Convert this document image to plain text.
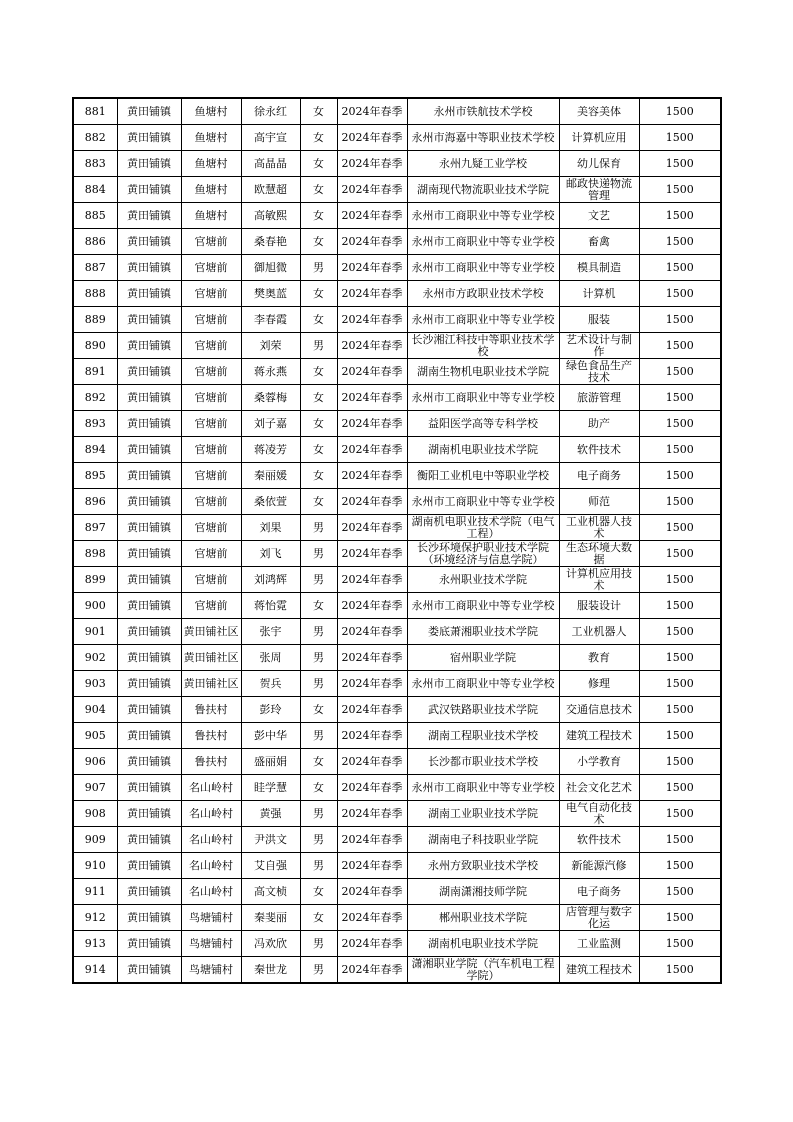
881	黄田铺镇	鱼塘村	徐永红	女	2024年春季	永州市铁航技术学校	美容美体	1500

882	黄田铺镇	鱼塘村	高宇宣	女	2024年春季	永州市海嘉中等职业技术学校	计算机应用	1500

883	黄田铺镇	鱼塘村	高晶晶	女	2024年春季	永州九疑工业学校	幼儿保育	1500

884	黄田铺镇	鱼塘村	欧慧超	女	2024年春季	湖南现代物流职业技术学院	邮政快递物流管理	1500

885	黄田铺镇	鱼塘村	高敏熙	女	2024年春季	永州市工商职业中等专业学校	文艺	1500

886	黄田铺镇	官塘前	桑春艳	女	2024年春季	永州市工商职业中等专业学校	畜禽	1500

887	黄田铺镇	官塘前	御旭微	男	2024年春季	永州市工商职业中等专业学校	模具制造	1500

888	黄田铺镇	官塘前	樊奥蓝	女	2024年春季	永州市方政职业技术学校	计算机	1500

889	黄田铺镇	官塘前	李春霞	女	2024年春季	永州市工商职业中等专业学校	服装	1500

890	黄田铺镇	官塘前	刘荣	男	2024年春季	长沙湘江科技中等职业技术学校	艺术设计与制作	1500

891	黄田铺镇	官塘前	蒋永燕	女	2024年春季	湖南生物机电职业技术学院	绿色食品生产技术	1500

892	黄田铺镇	官塘前	桑蓉梅	女	2024年春季	永州市工商职业中等专业学校	旅游管理	1500

893	黄田铺镇	官塘前	刘子嘉	女	2024年春季	益阳医学高等专科学校	助产	1500

894	黄田铺镇	官塘前	蒋凌芳	女	2024年春季	湖南机电职业技术学院	软件技术	1500

895	黄田铺镇	官塘前	秦丽媛	女	2024年春季	衡阳工业机电中等职业学校	电子商务	1500

896	黄田铺镇	官塘前	桑依萱	女	2024年春季	永州市工商职业中等专业学校	师范	1500

897	黄田铺镇	官塘前	刘果	男	2024年春季	湖南机电职业技术学院（电气工程）	工业机器人技术	1500

898	黄田铺镇	官塘前	刘飞	男	2024年春季	长沙环境保护职业技术学院（环境经济与信息学院）	生态环境大数据	1500

899	黄田铺镇	官塘前	刘鸿辉	男	2024年春季	永州职业技术学院	计算机应用技术	1500

900	黄田铺镇	官塘前	蒋怡霓	女	2024年春季	永州市工商职业中等专业学校	服装设计	1500

901	黄田铺镇	黄田铺社区	张宇	男	2024年春季	娄底萧湘职业技术学院	工业机器人	1500

902	黄田铺镇	黄田铺社区	张周	男	2024年春季	宿州职业学院	教育	1500

903	黄田铺镇	黄田铺社区	贺兵	男	2024年春季	永州市工商职业中等专业学校	修理	1500

904	黄田铺镇	鲁扶村	彭玲	女	2024年春季	武汉铁路职业技术学院	交通信息技术	1500

905	黄田铺镇	鲁扶村	彭中华	男	2024年春季	湖南工程职业技术学校	建筑工程技术	1500

906	黄田铺镇	鲁扶村	盛丽娟	女	2024年春季	长沙都市职业技术学校	小学教育	1500

907	黄田铺镇	名山岭村	眭学慧	女	2024年春季	永州市工商职业中等专业学校	社会文化艺术	1500

908	黄田铺镇	名山岭村	黄强	男	2024年春季	湖南工业职业技术学院	电气自动化技术	1500

909	黄田铺镇	名山岭村	尹洪文	男	2024年春季	湖南电子科技职业学院	软件技术	1500

910	黄田铺镇	名山岭村	艾自强	男	2024年春季	永州方致职业技术学校	新能源汽修	1500

911	黄田铺镇	名山岭村	高文桢	女	2024年春季	湖南潇湘技师学院	电子商务	1500

912	黄田铺镇	鸟塘铺村	秦斐丽	女	2024年春季	郴州职业技术学院	店管理与数字化运	1500

913	黄田铺镇	鸟塘铺村	冯欢欣	男	2024年春季	湖南机电职业技术学院	工业监测	1500

914	黄田铺镇	鸟塘铺村	秦世龙	男	2024年春季	潇湘职业学院（汽车机电工程学院）	建筑工程技术	1500
